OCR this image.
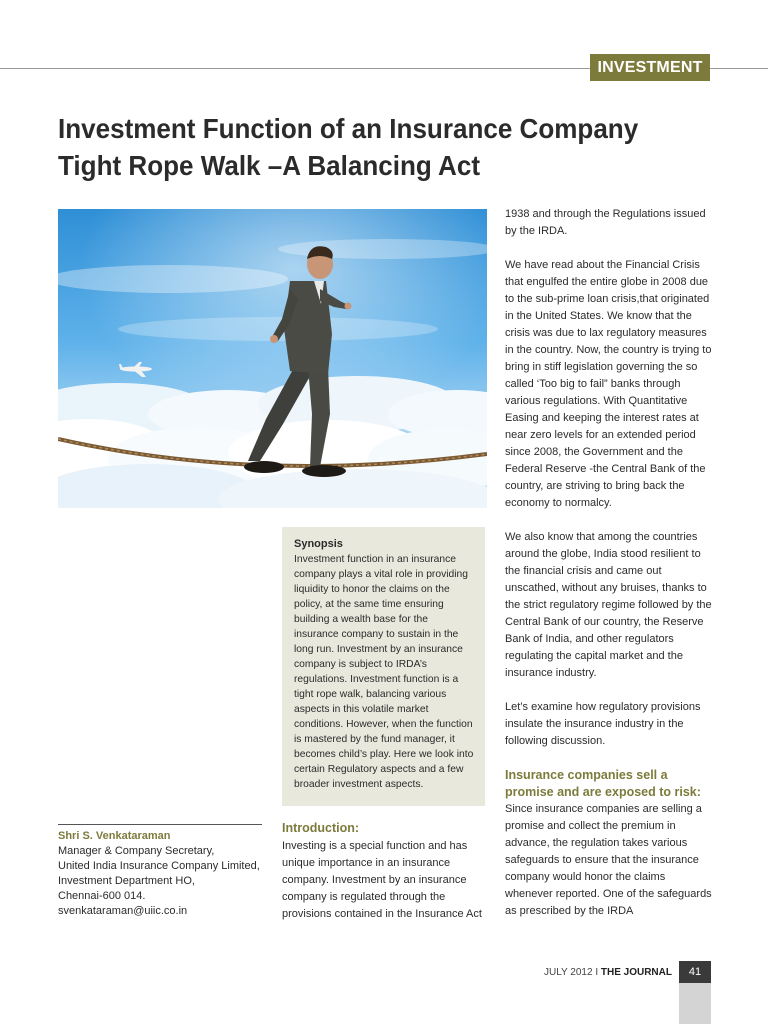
INVESTMENT
Investment Function of an Insurance Company
Tight Rope Walk –A Balancing Act

1938 and through the Regulations issued by the IRDA.

We have read about the Financial Crisis that engulfed the entire globe in 2008 due to the sub-prime loan crisis,that originated in the United States. We know that the crisis was due to lax regulatory measures in the country. Now, the country is trying to bring in stiff legislation governing the so called ‘Too big to fail” banks through various regulations. With Quantitative Easing and keeping the interest rates at near zero levels for an extended period since 2008, the Government and the Federal Reserve -the Central Bank of the country, are striving to bring back the economy to normalcy.

We also know that among the countries around the globe, India stood resilient to the financial crisis and came out unscathed, without any bruises, thanks to the strict regulatory regime followed by the Central Bank of our country, the Reserve Bank of India, and other regulators regulating the capital market and the insurance industry.

Let’s examine how regulatory provisions insulate the insurance industry in the following discussion.

Insurance companies sell a promise and are exposed to risk:

Since insurance companies are selling a promise and collect the premium in advance, the regulation takes various safeguards to ensure that the insurance company would honor the claims whenever reported. One of the safeguards as prescribed by the IRDA

Synopsis
Investment function in an insurance company plays a vital role in providing liquidity to honor the claims on the policy, at the same time ensuring building a wealth base for the insurance company to sustain in the long run. Investment by an insurance company is subject to IRDA’s regulations. Investment function is a tight rope walk, balancing various aspects in this volatile market conditions. However, when the function is mastered by the fund manager, it becomes child’s play. Here we look into certain Regulatory aspects and a few broader investment aspects.
Introduction:
Investing is a special function and has unique importance in an insurance company. Investment by an insurance company is regulated through the provisions contained in the Insurance Act
Shri S. Venkataraman
Manager & Company Secretary,
United India Insurance Company Limited,
Investment Department HO,
Chennai-600 014.
svenkataraman@uiic.co.in
JULY 2012 I THE JOURNAL	41
